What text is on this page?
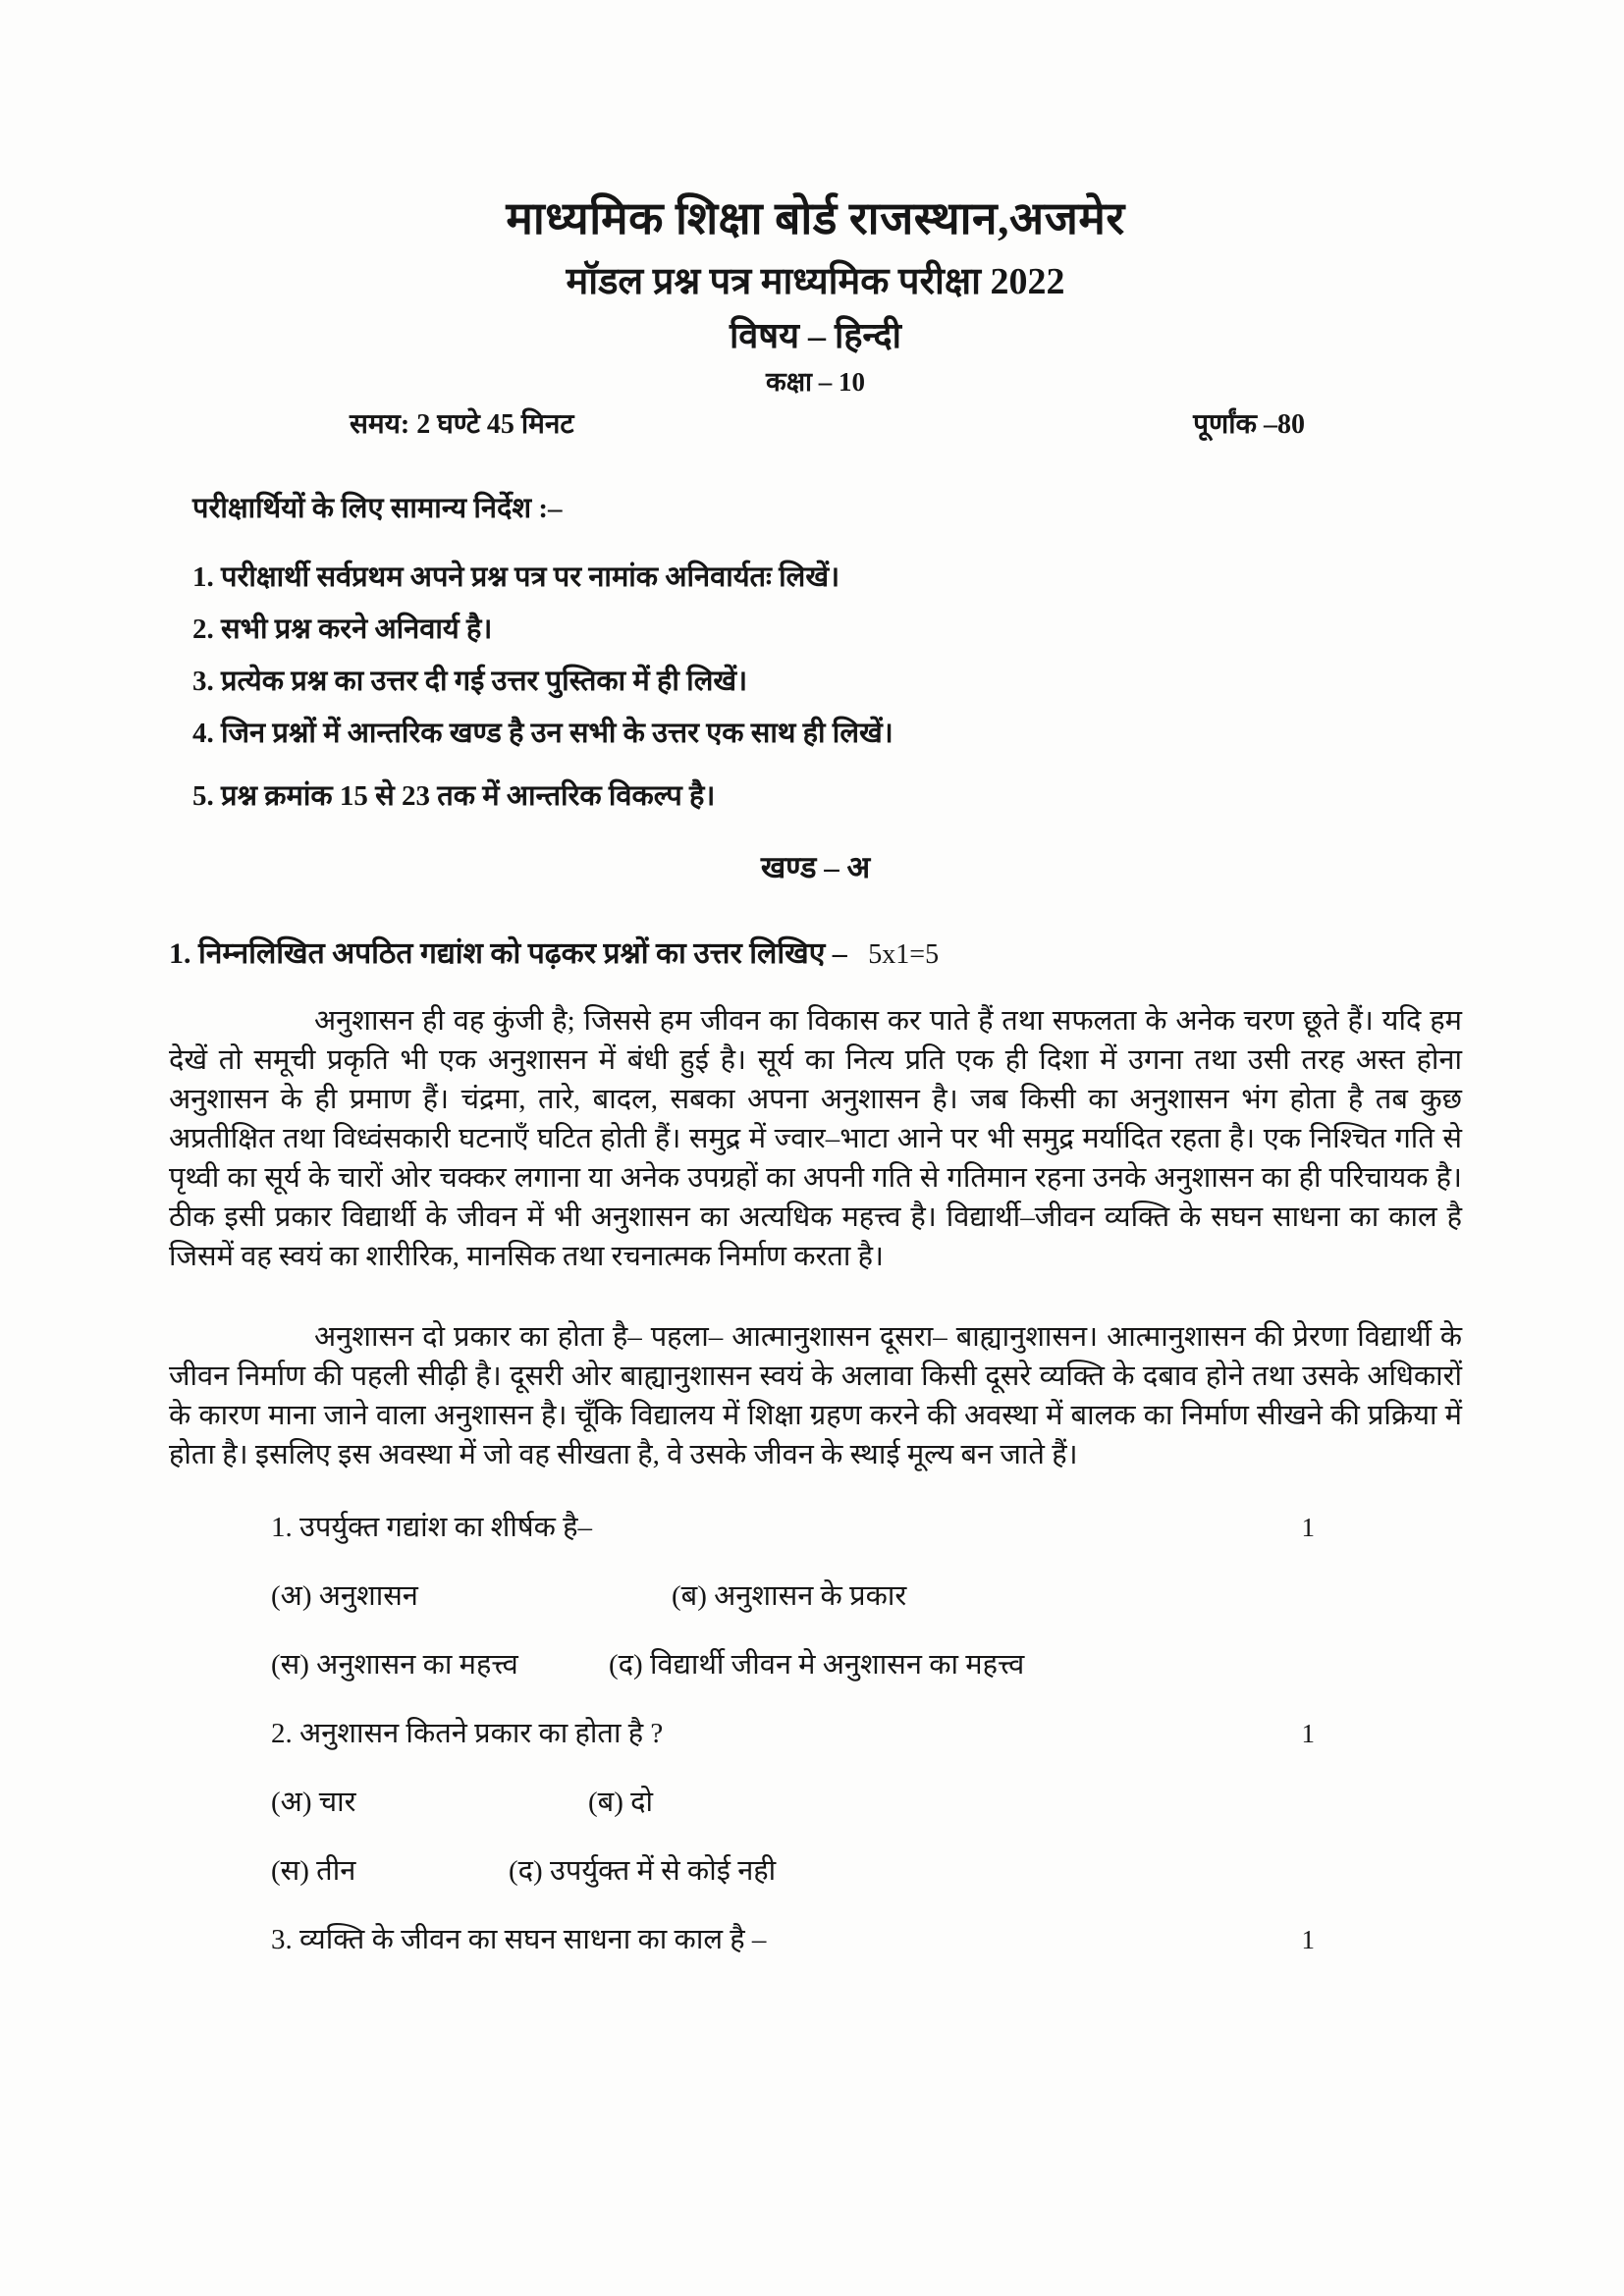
माध्यमिक शिक्षा बोर्ड राजस्थान,अजमेर
मॉडल प्रश्न पत्र माध्यमिक परीक्षा 2022
विषय – हिन्दी
कक्षा – 10
समय: 2 घण्टे 45 मिनट	पूर्णांक –80
परीक्षार्थियों के लिए सामान्य निर्देश :–
1. परीक्षार्थी सर्वप्रथम अपने प्रश्न पत्र पर नामांक अनिवार्यतः लिखें।
2. सभी प्रश्न करने अनिवार्य है।
3. प्रत्येक प्रश्न का उत्तर दी गई उत्तर पुस्तिका में ही लिखें।
4. जिन प्रश्नों में आन्तरिक खण्ड है उन सभी के उत्तर एक साथ ही लिखें।
5. प्रश्न क्रमांक 15 से 23 तक में आन्तरिक विकल्प है।
खण्ड – अ
1. निम्नलिखित अपठित गद्यांश को पढ़कर प्रश्नों का उत्तर लिखिए – 5x1=5

अनुशासन ही वह कुंजी है; जिससे हम जीवन का विकास कर पाते हैं तथा सफलता के अनेक चरण छूते हैं। यदि हम देखें तो समूची प्रकृति भी एक अनुशासन में बंधी हुई है। सूर्य का नित्य प्रति एक ही दिशा में उगना तथा उसी तरह अस्त होना अनुशासन के ही प्रमाण हैं। चंद्रमा, तारे, बादल, सबका अपना अनुशासन है। जब किसी का अनुशासन भंग होता है तब कुछ अप्रतीक्षित तथा विध्वंसकारी घटनाएँ घटित होती हैं। समुद्र में ज्वार–भाटा आने पर भी समुद्र मर्यादित रहता है। एक निश्चित गति से पृथ्वी का सूर्य के चारों ओर चक्कर लगाना या अनेक उपग्रहों का अपनी गति से गतिमान रहना उनके अनुशासन का ही परिचायक है। ठीक इसी प्रकार विद्यार्थी के जीवन में भी अनुशासन का अत्यधिक महत्त्व है। विद्यार्थी–जीवन व्यक्ति के सघन साधना का काल है जिसमें वह स्वयं का शारीरिक, मानसिक तथा रचनात्मक निर्माण करता है।

अनुशासन दो प्रकार का होता है– पहला– आत्मानुशासन दूसरा– बाह्यानुशासन। आत्मानुशासन की प्रेरणा विद्यार्थी के जीवन निर्माण की पहली सीढ़ी है। दूसरी ओर बाह्यानुशासन स्वयं के अलावा किसी दूसरे व्यक्ति के दबाव होने तथा उसके अधिकारों के कारण माना जाने वाला अनुशासन है। चूँकि विद्यालय में शिक्षा ग्रहण करने की अवस्था में बालक का निर्माण सीखने की प्रक्रिया में होता है। इसलिए इस अवस्था में जो वह सीखता है, वे उसके जीवन के स्थाई मूल्य बन जाते हैं।

1. उपर्युक्त गद्यांश का शीर्षक है–	1
(अ) अनुशासन	(ब) अनुशासन के प्रकार
(स) अनुशासन का महत्त्व	(द) विद्यार्थी जीवन मे अनुशासन का महत्त्व
2. अनुशासन कितने प्रकार का होता है ?	1
(अ) चार	(ब) दो
(स) तीन	(द) उपर्युक्त में से कोई नही
3. व्यक्ति के जीवन का सघन साधना का काल है –	1
